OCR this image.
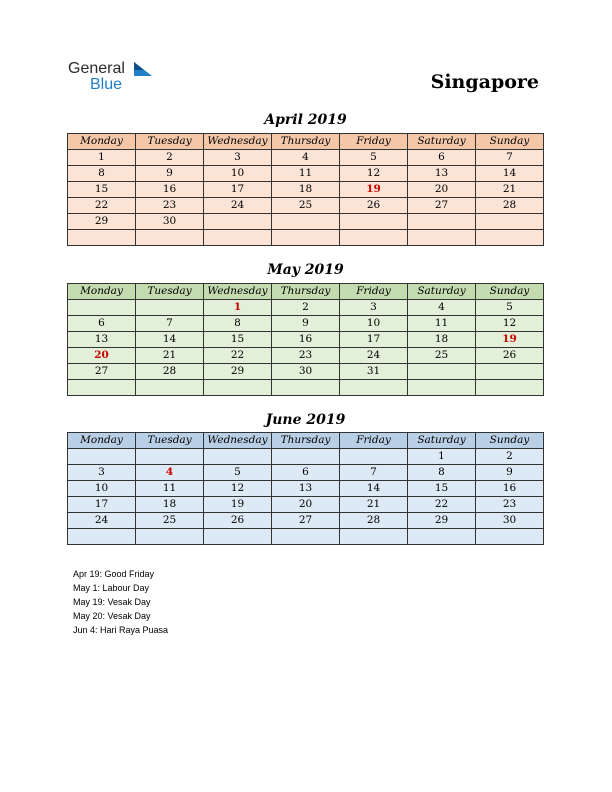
General
Blue	Singapore
April 2019
Monday	Tuesday	Wednesday	Thursday	Friday	Saturday	Sunday
1	2	3	4	5	6	7
8	9	10	11	12	13	14
15	16	17	18	19	20	21
22	23	24	25	26	27	28
29	30					

May 2019
Monday	Tuesday	Wednesday	Thursday	Friday	Saturday	Sunday
		1	2	3	4	5
6	7	8	9	10	11	12
13	14	15	16	17	18	19
20	21	22	23	24	25	26
27	28	29	30	31		

June 2019
Monday	Tuesday	Wednesday	Thursday	Friday	Saturday	Sunday
					1	2
3	4	5	6	7	8	9
10	11	12	13	14	15	16
17	18	19	20	21	22	23
24	25	26	27	28	29	30

Apr 19: Good Friday
May 1: Labour Day
May 19: Vesak Day
May 20: Vesak Day
Jun 4: Hari Raya Puasa
